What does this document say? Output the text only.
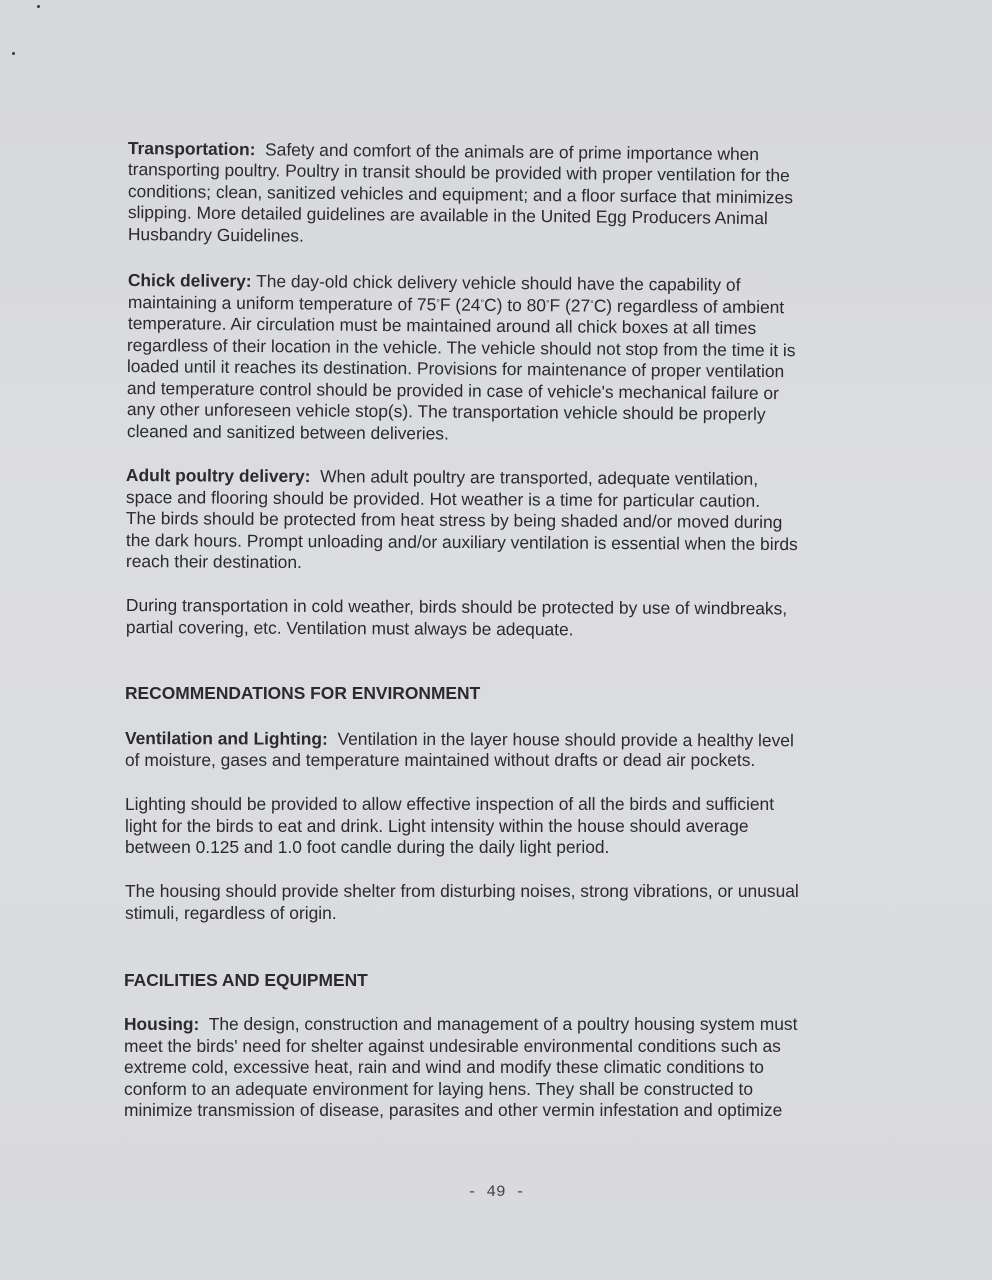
Transportation:  Safety and comfort of the animals are of prime importance when
transporting poultry. Poultry in transit should be provided with proper ventilation for the
conditions; clean, sanitized vehicles and equipment; and a floor surface that minimizes
slipping. More detailed guidelines are available in the United Egg Producers Animal
Husbandry Guidelines.
Chick delivery: The day-old chick delivery vehicle should have the capability of
maintaining a uniform temperature of 75°F (24°C) to 80°F (27°C) regardless of ambient
temperature. Air circulation must be maintained around all chick boxes at all times
regardless of their location in the vehicle. The vehicle should not stop from the time it is
loaded until it reaches its destination. Provisions for maintenance of proper ventilation
and temperature control should be provided in case of vehicle's mechanical failure or
any other unforeseen vehicle stop(s). The transportation vehicle should be properly
cleaned and sanitized between deliveries.
Adult poultry delivery:  When adult poultry are transported, adequate ventilation,
space and flooring should be provided. Hot weather is a time for particular caution.
The birds should be protected from heat stress by being shaded and/or moved during
the dark hours. Prompt unloading and/or auxiliary ventilation is essential when the birds
reach their destination.
During transportation in cold weather, birds should be protected by use of windbreaks,
partial covering, etc. Ventilation must always be adequate.
RECOMMENDATIONS FOR ENVIRONMENT
Ventilation and Lighting:  Ventilation in the layer house should provide a healthy level
of moisture, gases and temperature maintained without drafts or dead air pockets.
Lighting should be provided to allow effective inspection of all the birds and sufficient
light for the birds to eat and drink. Light intensity within the house should average
between 0.125 and 1.0 foot candle during the daily light period.
The housing should provide shelter from disturbing noises, strong vibrations, or unusual
stimuli, regardless of origin.
FACILITIES AND EQUIPMENT
Housing:  The design, construction and management of a poultry housing system must
meet the birds' need for shelter against undesirable environmental conditions such as
extreme cold, excessive heat, rain and wind and modify these climatic conditions to
conform to an adequate environment for laying hens. They shall be constructed to
minimize transmission of disease, parasites and other vermin infestation and optimize
- 49 -
